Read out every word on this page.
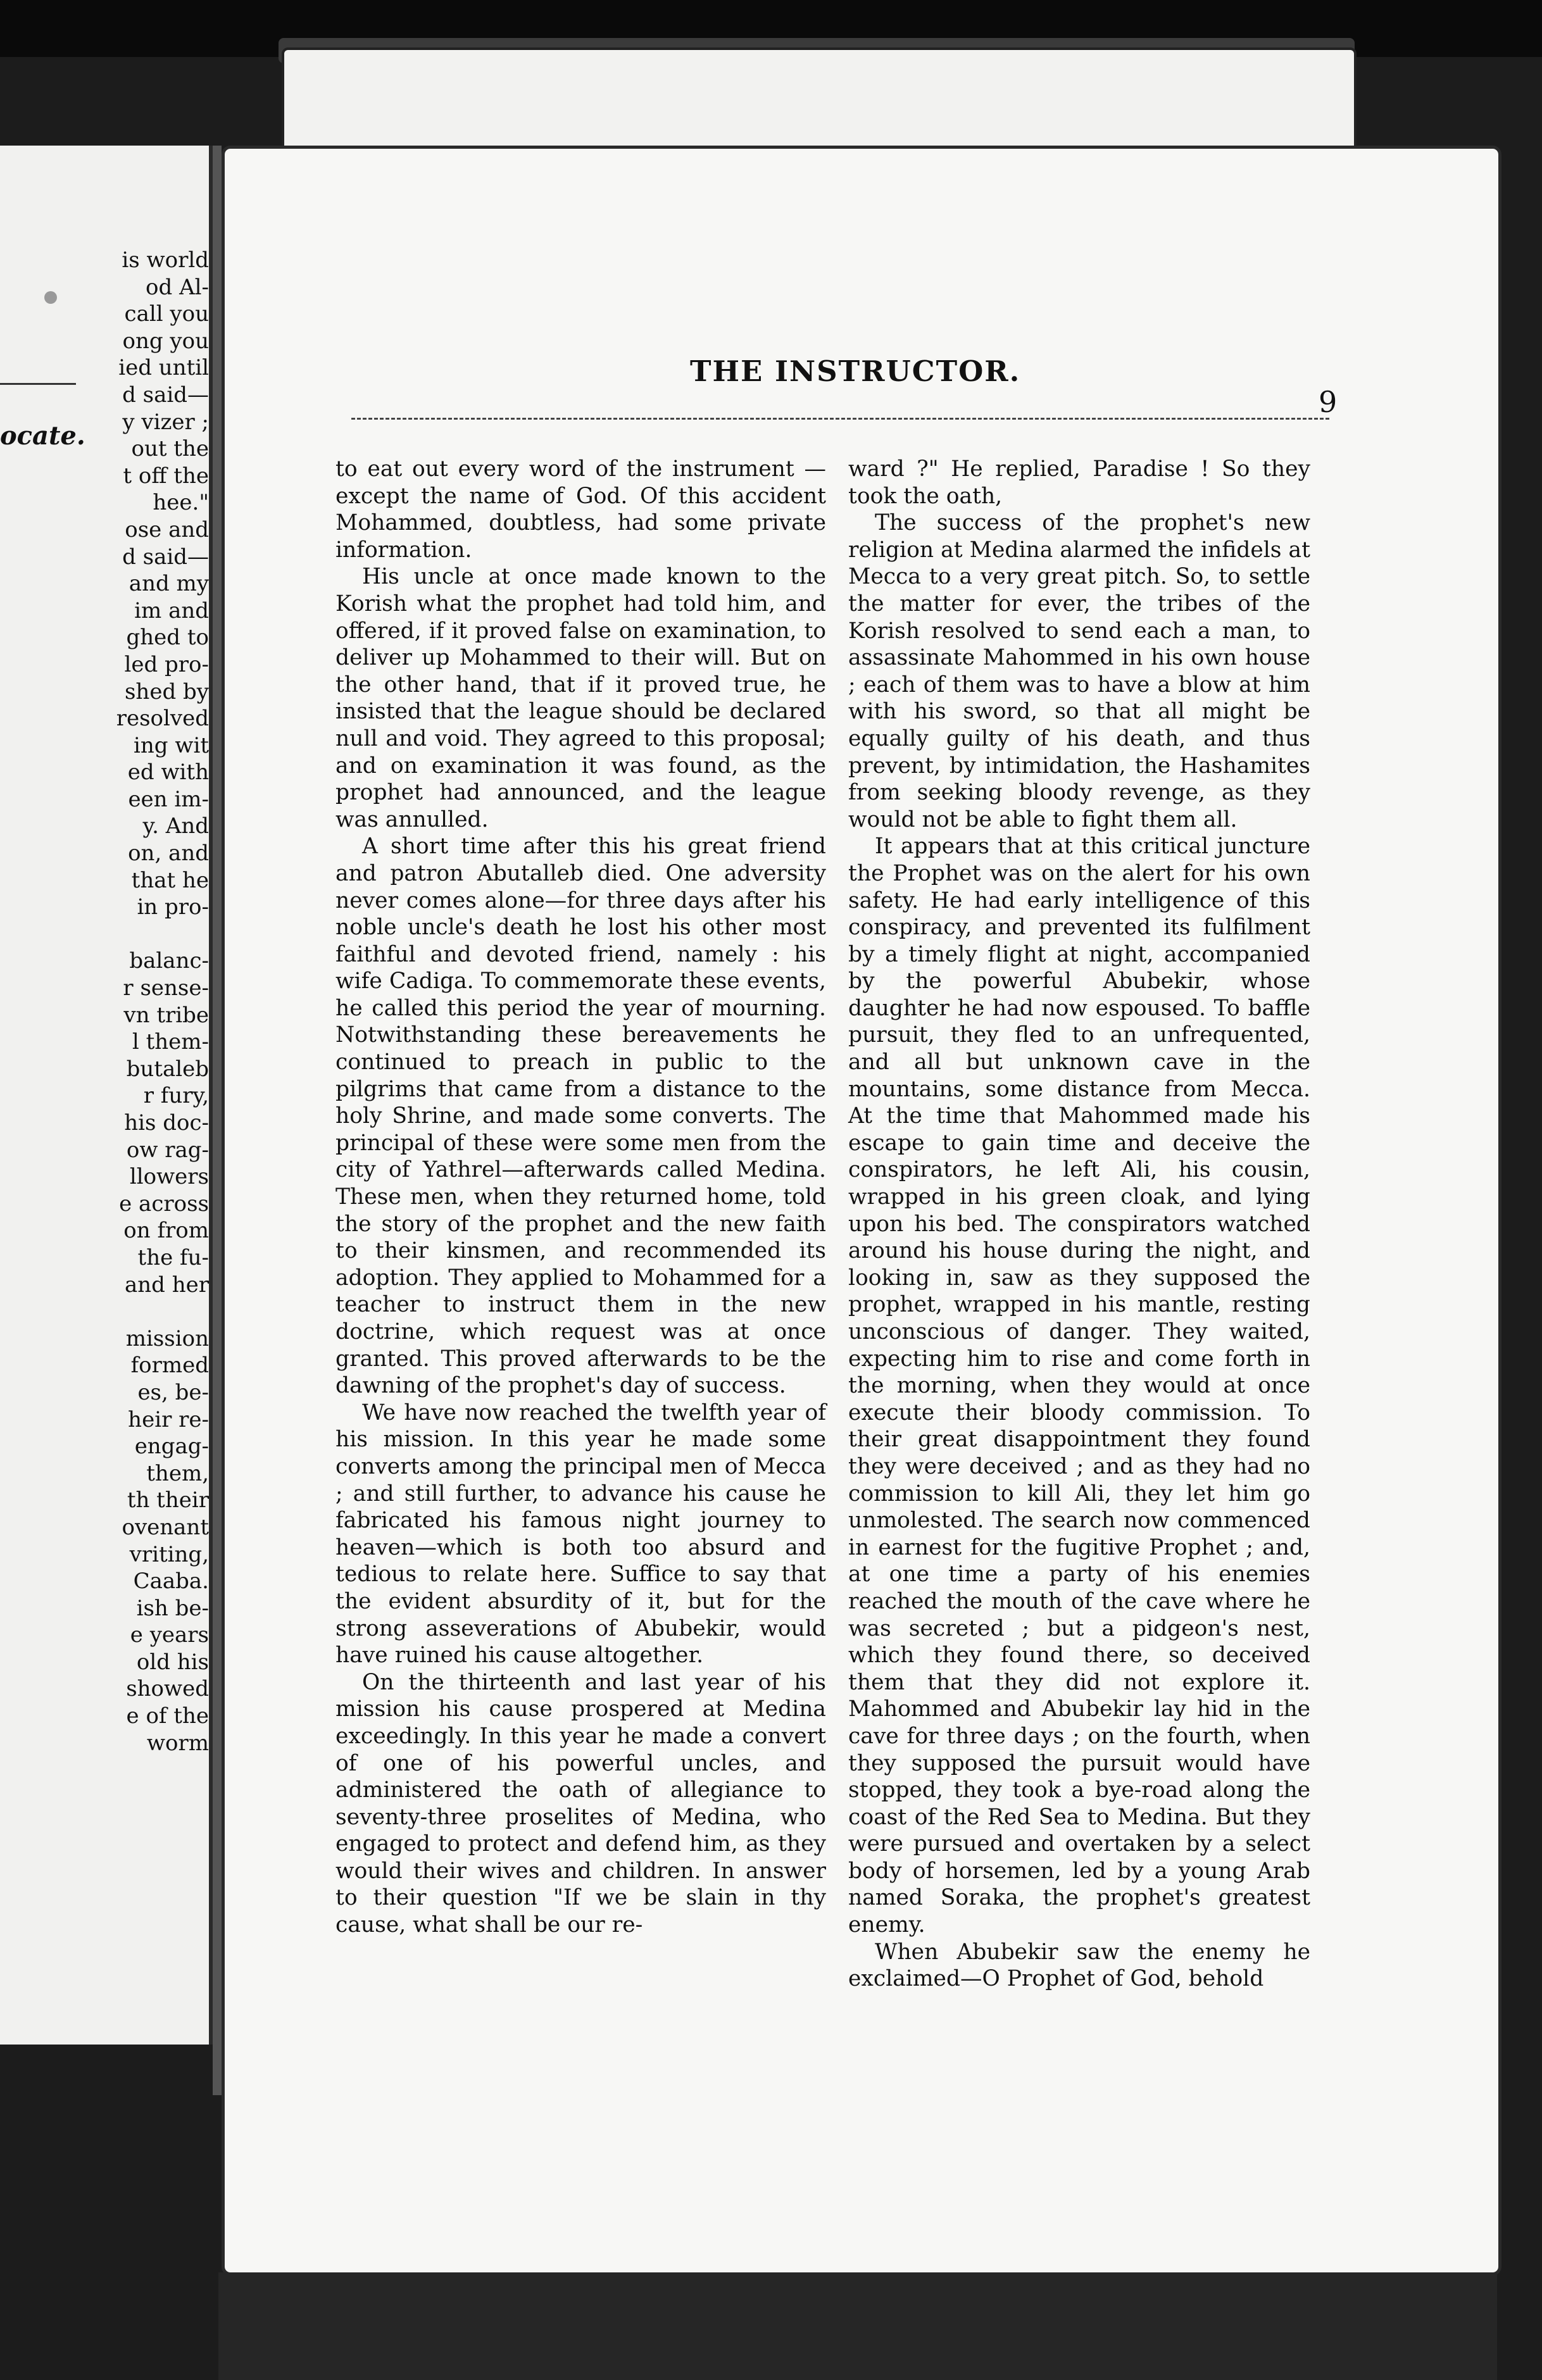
ocate.
is world
od Al-
call you
ong you
ied until
d said—
y vizer ;
out the
t off the
hee."
ose and
d said—
and my
im and
ghed to
led pro-
shed by
resolved
ing wit
ed with
een im-
y. And
on, and
that he
in pro-

balanc-
r sense-
vn tribe
l them-
butaleb
r fury,
his doc-
ow rag-
llowers
e across
on from
the fu-
and her

mission
formed
es, be-
heir re-
engag-
them,
th their
ovenant
vriting,
Caaba.
ish be-
e years
old his
showed
e of the
worm
THE INSTRUCTOR.
9

to eat out every word of the instrument —except the name of God. Of this accident Mohammed, doubtless, had some private information.

His uncle at once made known to the Korish what the prophet had told him, and offered, if it proved false on examination, to deliver up Mohammed to their will. But on the other hand, that if it proved true, he insisted that the league should be declared null and void. They agreed to this proposal; and on examination it was found, as the prophet had announced, and the league was annulled.

A short time after this his great friend and patron Abutalleb died. One adversity never comes alone—for three days after his noble uncle's death he lost his other most faithful and devoted friend, namely : his wife Cadiga. To commemorate these events, he called this period the year of mourning. Notwithstanding these bereavements he continued to preach in public to the pilgrims that came from a distance to the holy Shrine, and made some converts. The principal of these were some men from the city of Yathrel—afterwards called Medina. These men, when they returned home, told the story of the prophet and the new faith to their kinsmen, and recommended its adoption. They applied to Mohammed for a teacher to instruct them in the new doctrine, which request was at once granted. This proved afterwards to be the dawning of the prophet's day of success.

We have now reached the twelfth year of his mission. In this year he made some converts among the principal men of Mecca ; and still further, to advance his cause he fabricated his famous night journey to heaven—which is both too absurd and tedious to relate here. Suffice to say that the evident absurdity of it, but for the strong asseverations of Abubekir, would have ruined his cause altogether.

On the thirteenth and last year of his mission his cause prospered at Medina exceedingly. In this year he made a convert of one of his powerful uncles, and administered the oath of allegiance to seventy-three proselites of Medina, who engaged to protect and defend him, as they would their wives and children. In answer to their question "If we be slain in thy cause, what shall be our re-

ward ?" He replied, Paradise ! So they took the oath,

The success of the prophet's new religion at Medina alarmed the infidels at Mecca to a very great pitch. So, to settle the matter for ever, the tribes of the Korish resolved to send each a man, to assassinate Mahommed in his own house ; each of them was to have a blow at him with his sword, so that all might be equally guilty of his death, and thus prevent, by intimidation, the Hashamites from seeking bloody revenge, as they would not be able to fight them all.

It appears that at this critical juncture the Prophet was on the alert for his own safety. He had early intelligence of this conspiracy, and prevented its fulfilment by a timely flight at night, accompanied by the powerful Abubekir, whose daughter he had now espoused. To baffle pursuit, they fled to an unfrequented, and all but unknown cave in the mountains, some distance from Mecca. At the time that Mahommed made his escape to gain time and deceive the conspirators, he left Ali, his cousin, wrapped in his green cloak, and lying upon his bed. The conspirators watched around his house during the night, and looking in, saw as they supposed the prophet, wrapped in his mantle, resting unconscious of danger. They waited, expecting him to rise and come forth in the morning, when they would at once execute their bloody commission. To their great disappointment they found they were deceived ; and as they had no commission to kill Ali, they let him go unmolested. The search now commenced in earnest for the fugitive Prophet ; and, at one time a party of his enemies reached the mouth of the cave where he was secreted ; but a pidgeon's nest, which they found there, so deceived them that they did not explore it. Mahommed and Abubekir lay hid in the cave for three days ; on the fourth, when they supposed the pursuit would have stopped, they took a bye-road along the coast of the Red Sea to Medina. But they were pursued and overtaken by a select body of horsemen, led by a young Arab named Soraka, the prophet's greatest enemy.

When Abubekir saw the enemy he exclaimed—O Prophet of God, behold
